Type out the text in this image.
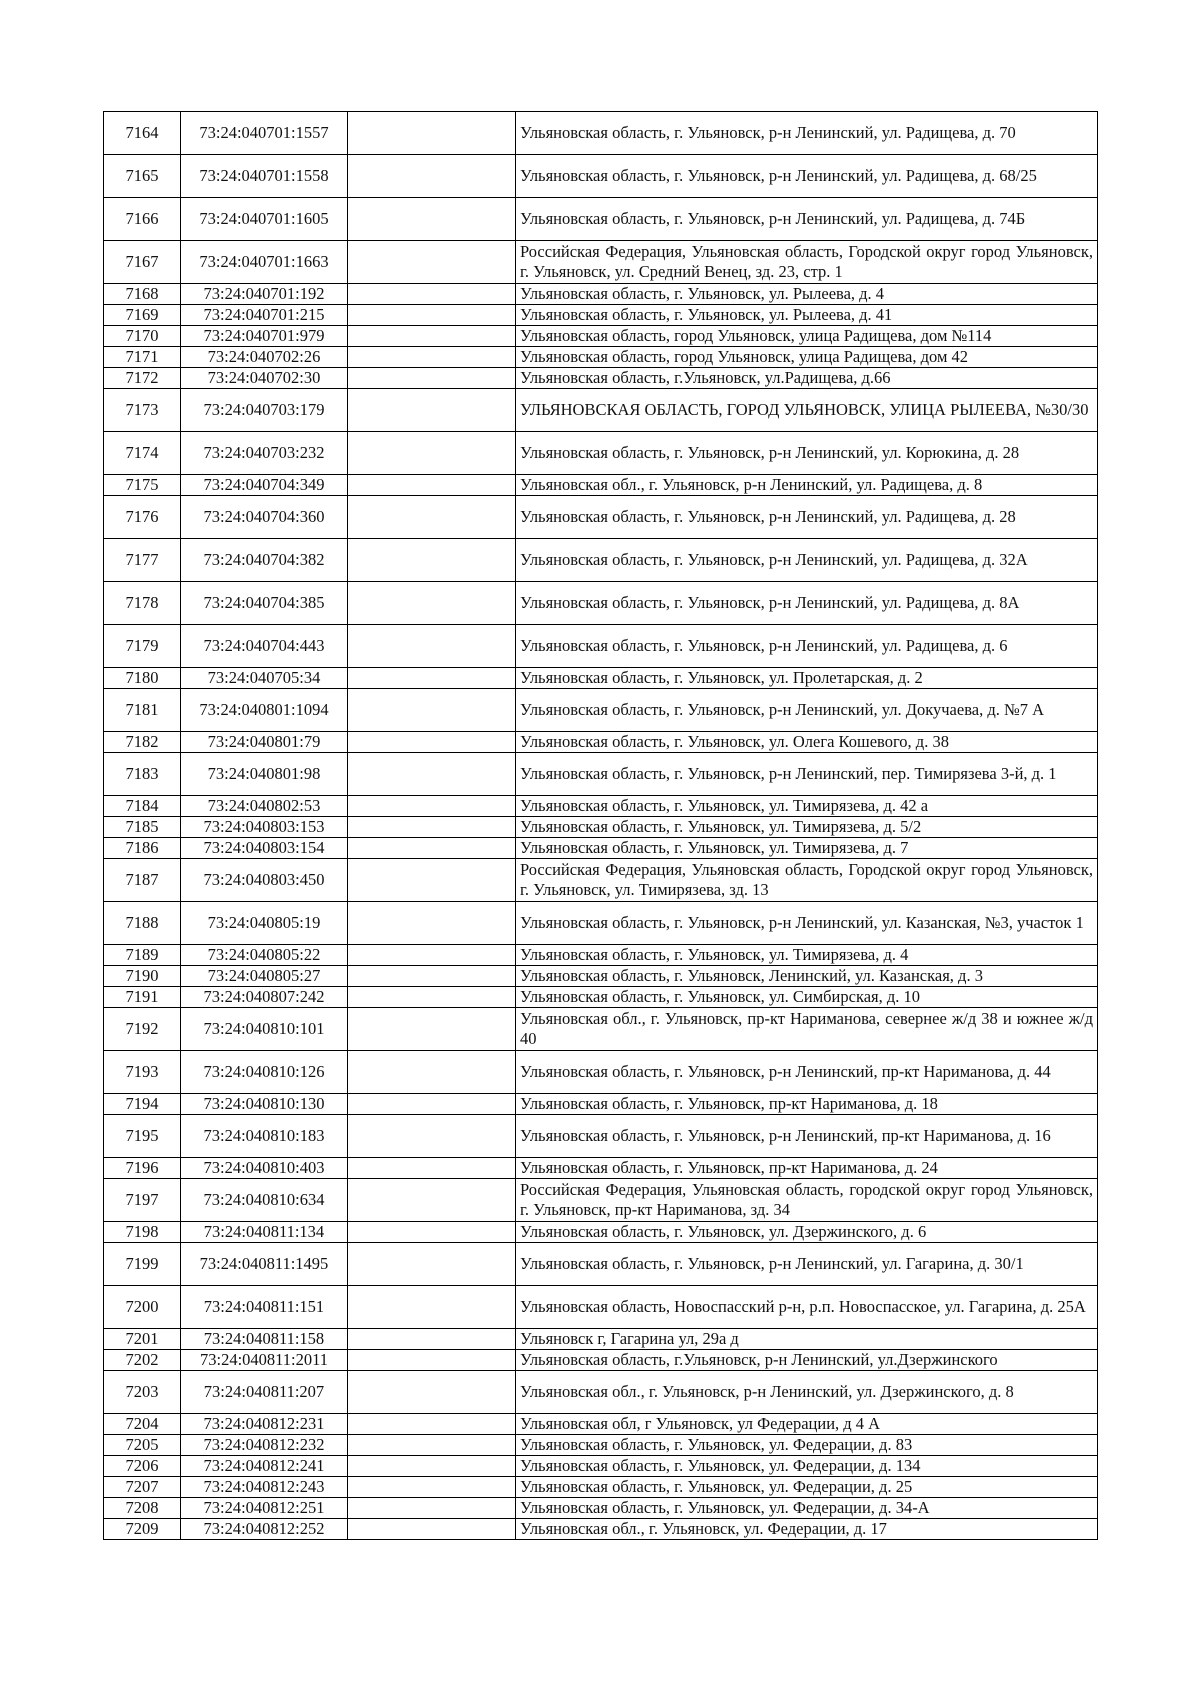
7164	73:24:040701:1557		Ульяновская область, г. Ульяновск, р-н Ленинский, ул. Радищева, д. 70
7165	73:24:040701:1558		Ульяновская область, г. Ульяновск, р-н Ленинский, ул. Радищева, д. 68/25
7166	73:24:040701:1605		Ульяновская область, г. Ульяновск, р-н Ленинский, ул. Радищева, д. 74Б
7167	73:24:040701:1663		Российская Федерация, Ульяновская область, Городской округ город Ульяновск, г. Ульяновск, ул. Средний Венец, зд. 23, стр. 1
7168	73:24:040701:192		Ульяновская область, г. Ульяновск, ул. Рылеева, д. 4
7169	73:24:040701:215		Ульяновская область, г. Ульяновск, ул. Рылеева, д. 41
7170	73:24:040701:979		Ульяновская область, город Ульяновск, улица Радищева, дом №114
7171	73:24:040702:26		Ульяновская область, город Ульяновск, улица Радищева, дом 42
7172	73:24:040702:30		Ульяновская область, г.Ульяновск, ул.Радищева, д.66
7173	73:24:040703:179		УЛЬЯНОВСКАЯ ОБЛАСТЬ, ГОРОД УЛЬЯНОВСК, УЛИЦА РЫЛЕЕВА, №30/30
7174	73:24:040703:232		Ульяновская область, г. Ульяновск, р-н Ленинский, ул. Корюкина, д. 28
7175	73:24:040704:349		Ульяновская обл., г. Ульяновск, р-н Ленинский, ул. Радищева, д. 8
7176	73:24:040704:360		Ульяновская область, г. Ульяновск, р-н Ленинский, ул. Радищева, д. 28
7177	73:24:040704:382		Ульяновская область, г. Ульяновск, р-н Ленинский, ул. Радищева, д. 32А
7178	73:24:040704:385		Ульяновская область, г. Ульяновск, р-н Ленинский, ул. Радищева, д. 8А
7179	73:24:040704:443		Ульяновская область, г. Ульяновск, р-н Ленинский, ул. Радищева, д. 6
7180	73:24:040705:34		Ульяновская область, г. Ульяновск, ул. Пролетарская, д. 2
7181	73:24:040801:1094		Ульяновская область, г. Ульяновск, р-н Ленинский, ул. Докучаева, д. №7 А
7182	73:24:040801:79		Ульяновская область, г. Ульяновск, ул. Олега Кошевого, д. 38
7183	73:24:040801:98		Ульяновская область, г. Ульяновск, р-н Ленинский, пер. Тимирязева 3-й, д. 1
7184	73:24:040802:53		Ульяновская область, г. Ульяновск, ул. Тимирязева, д. 42 а
7185	73:24:040803:153		Ульяновская область, г. Ульяновск, ул. Тимирязева, д. 5/2
7186	73:24:040803:154		Ульяновская область, г. Ульяновск, ул. Тимирязева, д. 7
7187	73:24:040803:450		Российская Федерация, Ульяновская область, Городской округ город Ульяновск, г. Ульяновск, ул. Тимирязева, зд. 13
7188	73:24:040805:19		Ульяновская область, г. Ульяновск, р-н Ленинский, ул. Казанская, №3, участок 1
7189	73:24:040805:22		Ульяновская область, г. Ульяновск, ул. Тимирязева, д. 4
7190	73:24:040805:27		Ульяновская область, г. Ульяновск, Ленинский, ул. Казанская, д. 3
7191	73:24:040807:242		Ульяновская область, г. Ульяновск, ул. Симбирская, д. 10
7192	73:24:040810:101		Ульяновская обл., г. Ульяновск, пр-кт Нариманова, севернее ж/д 38 и южнее ж/д 40
7193	73:24:040810:126		Ульяновская область, г. Ульяновск, р-н Ленинский, пр-кт Нариманова, д. 44
7194	73:24:040810:130		Ульяновская область, г. Ульяновск, пр-кт Нариманова, д. 18
7195	73:24:040810:183		Ульяновская область, г. Ульяновск, р-н Ленинский, пр-кт Нариманова, д. 16
7196	73:24:040810:403		Ульяновская область, г. Ульяновск, пр-кт Нариманова, д. 24
7197	73:24:040810:634		Российская Федерация, Ульяновская область, городской округ город Ульяновск, г. Ульяновск, пр-кт Нариманова, зд. 34
7198	73:24:040811:134		Ульяновская область, г. Ульяновск, ул. Дзержинского, д. 6
7199	73:24:040811:1495		Ульяновская область, г. Ульяновск, р-н Ленинский, ул. Гагарина, д. 30/1
7200	73:24:040811:151		Ульяновская область, Новоспасский р-н, р.п. Новоспасское, ул. Гагарина, д. 25А
7201	73:24:040811:158		Ульяновск г, Гагарина ул, 29а д
7202	73:24:040811:2011		Ульяновская область, г.Ульяновск, р-н Ленинский, ул.Дзержинского
7203	73:24:040811:207		Ульяновская обл., г. Ульяновск, р-н Ленинский, ул. Дзержинского, д. 8
7204	73:24:040812:231		Ульяновская обл, г Ульяновск, ул Федерации, д 4 А
7205	73:24:040812:232		Ульяновская область, г. Ульяновск, ул. Федерации, д. 83
7206	73:24:040812:241		Ульяновская область, г. Ульяновск, ул. Федерации, д. 134
7207	73:24:040812:243		Ульяновская область, г. Ульяновск, ул. Федерации, д. 25
7208	73:24:040812:251		Ульяновская область, г. Ульяновск, ул. Федерации, д. 34-А
7209	73:24:040812:252		Ульяновская обл., г. Ульяновск, ул. Федерации, д. 17
